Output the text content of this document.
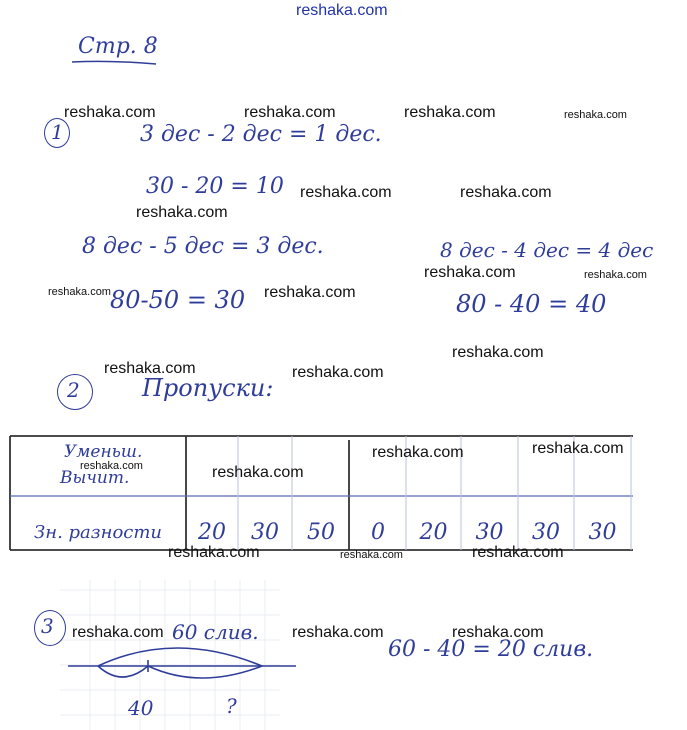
reshaka.com
Стр. 8
1	3 дес - 2 дес = 1 дес.
30 - 20 = 10
8 дес - 5 дес = 3 дес.
80-50 = 30
8 дес - 4 дес = 4 дес
80 - 40 = 40
2	Пропуски:
Уменьш.
Вычит.
Зн. разности	20	30	50	0	20	30	30	30
3	60 слив.
40	?
60 - 40 = 20 слив.
reshaka.com	reshaka.com	reshaka.com	reshaka.com
reshaka.com	reshaka.com
reshaka.com
reshaka.com	reshaka.com
reshaka.com	reshaka.com
reshaka.com
reshaka.com	reshaka.com
reshaka.com	reshaka.com
reshaka.com	reshaka.com
reshaka.com	reshaka.com	reshaka.com
reshaka.com	reshaka.com	reshaka.com
